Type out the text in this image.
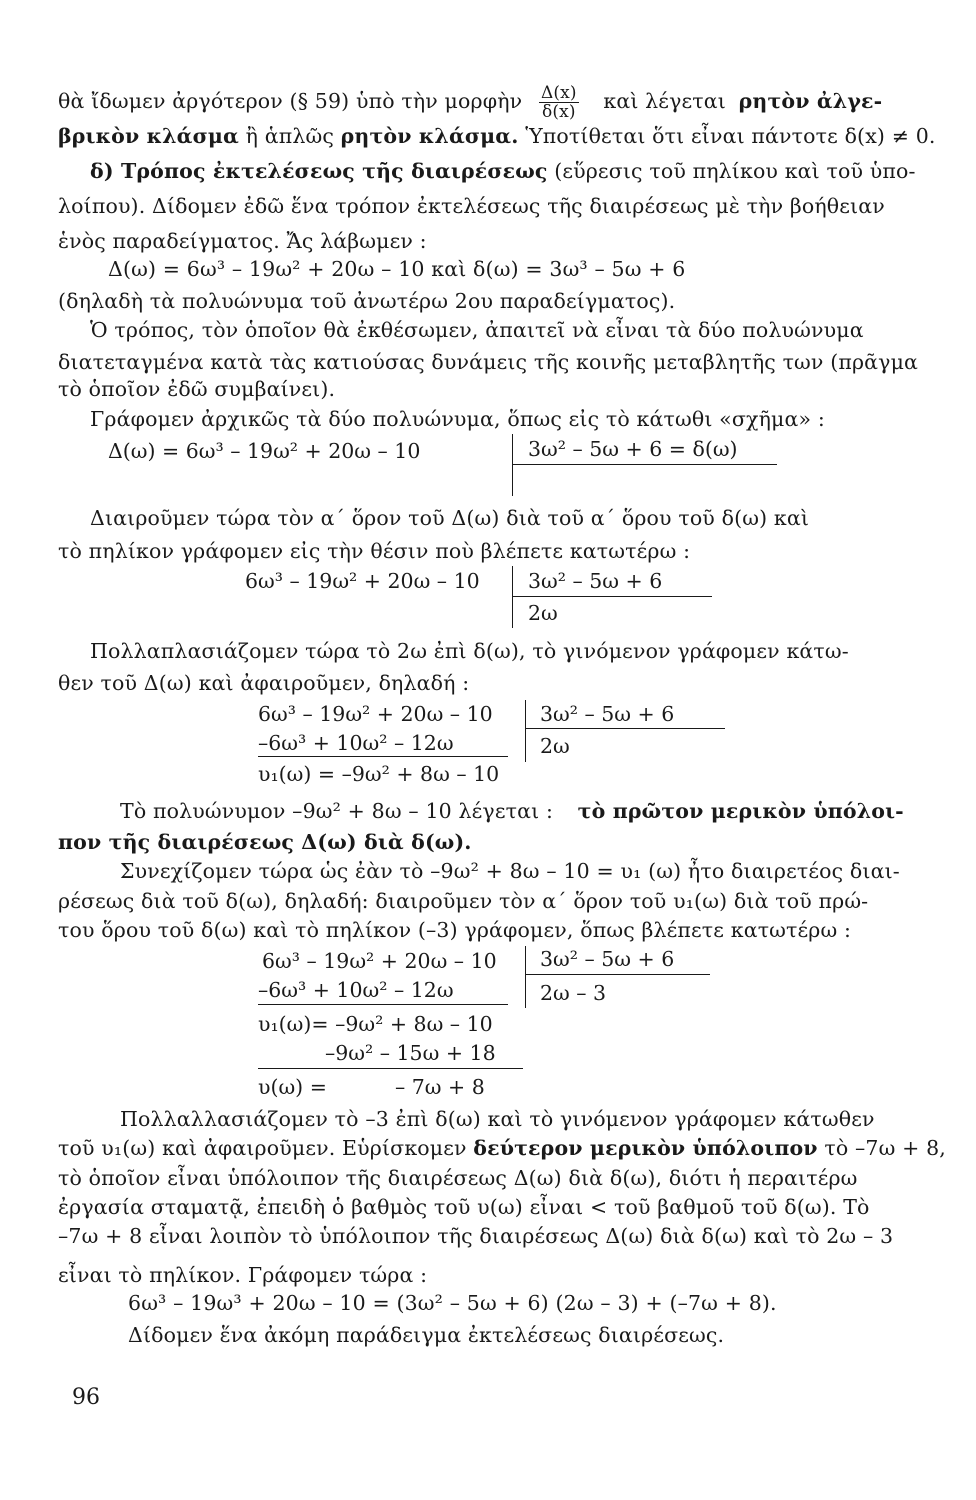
θὰ ἴδωμεν ἀργότερον (§ 59) ὑπὸ τὴν μορφὴν $\frac{\Delta(x)}{\delta(x)}$ καὶ λέγεται ρητὸν ἀλγε-
βρικὸν κλάσμα ἢ ἁπλῶς ρητὸν κλάσμα. Ὑποτίθεται ὅτι εἶναι πάντοτε δ(x) ≠ 0.
δ) Τρόπος ἐκτελέσεως τῆς διαιρέσεως (εὕρεσις τοῦ πηλίκου καὶ τοῦ ὑπο-
λοίπου). Δίδομεν ἐδῶ ἕνα τρόπον ἐκτελέσεως τῆς διαιρέσεως μὲ τὴν βοήθειαν
ἑνὸς παραδείγματος. Ἄς λάβωμεν :
Δ(ω) = 6ω³ – 19ω² + 20ω – 10 καὶ δ(ω) = 3ω³ – 5ω + 6
(δηλαδὴ τὰ πολυώνυμα τοῦ ἀνωτέρω 2ου παραδείγματος).
Ὁ τρόπος, τὸν ὁποῖον θὰ ἐκθέσωμεν, ἀπαιτεῖ νὰ εἶναι τὰ δύο πολυώνυμα
διατεταγμένα κατὰ τὰς κατιούσας δυνάμεις τῆς κοινῆς μεταβλητῆς των (πρᾶγμα
τὸ ὁποῖον ἐδῶ συμβαίνει).
Γράφομεν ἀρχικῶς τὰ δύο πολυώνυμα, ὅπως εἰς τὸ κάτωθι «σχῆμα» :
Δ(ω) = 6ω³ – 19ω² + 20ω – 10	3ω² – 5ω + 6 = δ(ω)
Διαιροῦμεν τώρα τὸν α΄ ὅρον τοῦ Δ(ω) διὰ τοῦ α΄ ὅρου τοῦ δ(ω) καὶ
τὸ πηλίκον γράφομεν εἰς τὴν θέσιν ποὺ βλέπετε κατωτέρω :
6ω³ – 19ω² + 20ω – 10 3ω² – 5ω + 6
2ω
Πολλαπλασιάζομεν τώρα τὸ 2ω ἐπὶ δ(ω), τὸ γινόμενον γράφομεν κάτω-
θεν τοῦ Δ(ω) καὶ ἀφαιροῦμεν, δηλαδή :
6ω³ – 19ω² + 20ω – 10
–6ω³ + 10ω² – 12ω
υ₁(ω) = –9ω² + 8ω – 10
3ω² – 5ω + 6
2ω
Τὸ πολυώνυμον –9ω² + 8ω – 10 λέγεται : τὸ πρῶτον μερικὸν ὑπόλοι-
πον τῆς διαιρέσεως Δ(ω) διὰ δ(ω).
Συνεχίζομεν τώρα ὡς ἐὰν τὸ –9ω² + 8ω – 10 = υ₁ (ω) ἦτο διαιρετέος διαι-
ρέσεως διὰ τοῦ δ(ω), δηλαδή: διαιροῦμεν τὸν α΄ ὅρον τοῦ υ₁(ω) διὰ τοῦ πρώ-
του ὅρου τοῦ δ(ω) καὶ τὸ πηλίκον (–3) γράφομεν, ὅπως βλέπετε κατωτέρω :
6ω³ – 19ω² + 20ω – 10
–6ω³ + 10ω² – 12ω
υ₁(ω)= –9ω² + 8ω – 10
–9ω² – 15ω + 18
υ(ω) =	– 7ω + 8
3ω² – 5ω + 6
2ω – 3
Πολλαλλασιάζομεν τὸ –3 ἐπὶ δ(ω) καὶ τὸ γινόμενον γράφομεν κάτωθεν
τοῦ υ₁(ω) καὶ ἀφαιροῦμεν. Εὑρίσκομεν δεύτερον μερικὸν ὑπόλοιπον τὸ –7ω + 8,
τὸ ὁποῖον εἶναι ὑπόλοιπον τῆς διαιρέσεως Δ(ω) διὰ δ(ω), διότι ἡ περαιτέρω
ἐργασία σταματᾷ, ἐπειδὴ ὁ βαθμὸς τοῦ υ(ω) εἶναι < τοῦ βαθμοῦ τοῦ δ(ω). Τὸ
–7ω + 8 εἶναι λοιπὸν τὸ ὑπόλοιπον τῆς διαιρέσεως Δ(ω) διὰ δ(ω) καὶ τὸ 2ω – 3
εἶναι τὸ πηλίκον. Γράφομεν τώρα :
6ω³ – 19ω³ + 20ω – 10 = (3ω² – 5ω + 6) (2ω – 3) + (–7ω + 8).
Δίδομεν ἕνα ἀκόμη παράδειγμα ἐκτελέσεως διαιρέσεως.
96
